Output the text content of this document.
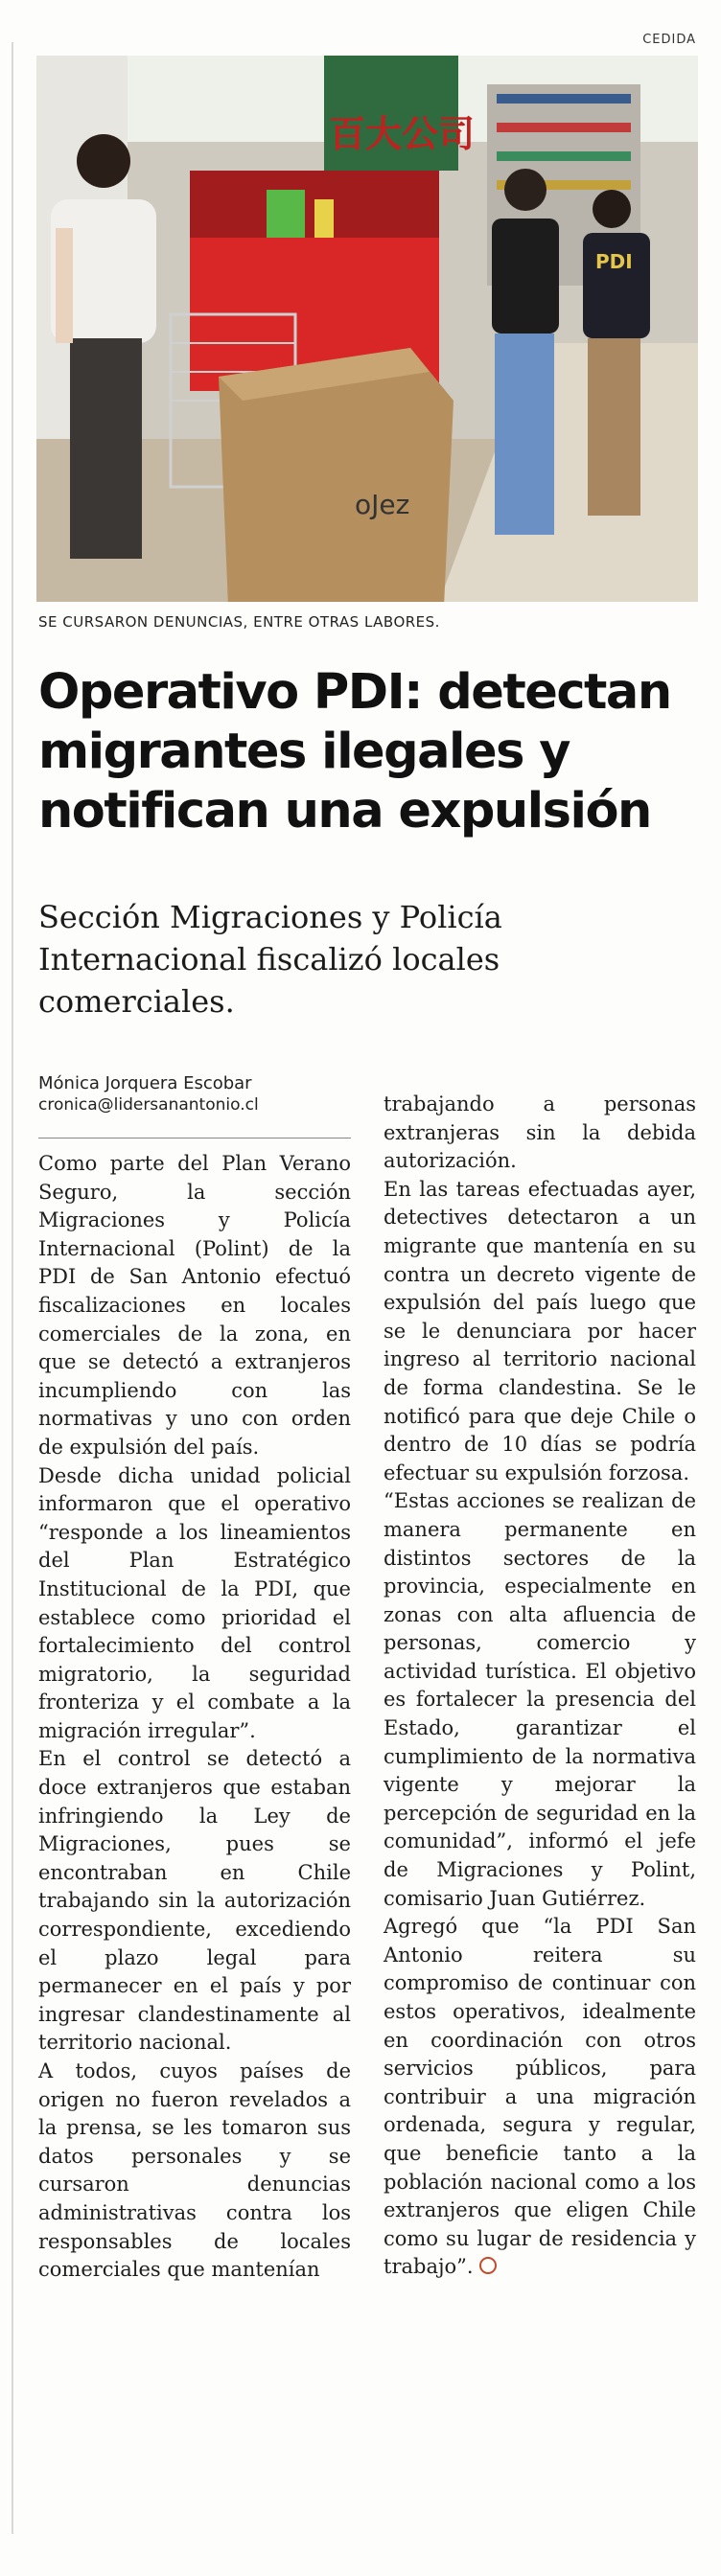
CEDIDA
百大公司
oJez
PDI
SE CURSARON DENUNCIAS, ENTRE OTRAS LABORES.
Operativo PDI: detectan migrantes ilegales y notifican una expulsión
Sección Migraciones y Policía Internacional fiscalizó locales comerciales.
Mónica Jorquera Escobar
cronica@lidersanantonio.cl

Como parte del Plan Verano Seguro, la sección Migraciones y Policía Internacional (Polint) de la PDI de San Antonio efectuó fiscalizaciones en locales comerciales de la zona, en que se detectó a extranjeros incumpliendo con las normativas y uno con orden de expulsión del país.

Desde dicha unidad policial informaron que el operativo “responde a los lineamientos del Plan Estratégico Institucional de la PDI, que establece como prioridad el fortalecimiento del control migratorio, la seguridad fronteriza y el combate a la migración irregular”.

En el control se detectó a doce extranjeros que estaban infringiendo la Ley de Migraciones, pues se encontraban en Chile trabajando sin la autorización correspondiente, excediendo el plazo legal para permanecer en el país y por ingresar clandestinamente al territorio nacional.

A todos, cuyos países de origen no fueron revelados a la prensa, se les tomaron sus datos personales y se cursaron denuncias administrativas contra los responsables de locales comerciales que mantenían

trabajando a personas extranjeras sin la debida autorización.

En las tareas efectuadas ayer, detectives detectaron a un migrante que mantenía en su contra un decreto vigente de expulsión del país luego que se le denunciara por hacer ingreso al territorio nacional de forma clandestina. Se le notificó para que deje Chile o dentro de 10 días se podría efectuar su expulsión forzosa.

“Estas acciones se realizan de manera permanente en distintos sectores de la provincia, especialmente en zonas con alta afluencia de personas, comercio y actividad turística. El objetivo es fortalecer la presencia del Estado, garantizar el cumplimiento de la normativa vigente y mejorar la percepción de seguridad en la comunidad”, informó el jefe de Migraciones y Polint, comisario Juan Gutiérrez.

Agregó que “la PDI San Antonio reitera su compromiso de continuar con estos operativos, idealmente en coordinación con otros servicios públicos, para contribuir a una migración ordenada, segura y regular, que beneficie tanto a la población nacional como a los extranjeros que eligen Chile como su lugar de residencia y trabajo”.
